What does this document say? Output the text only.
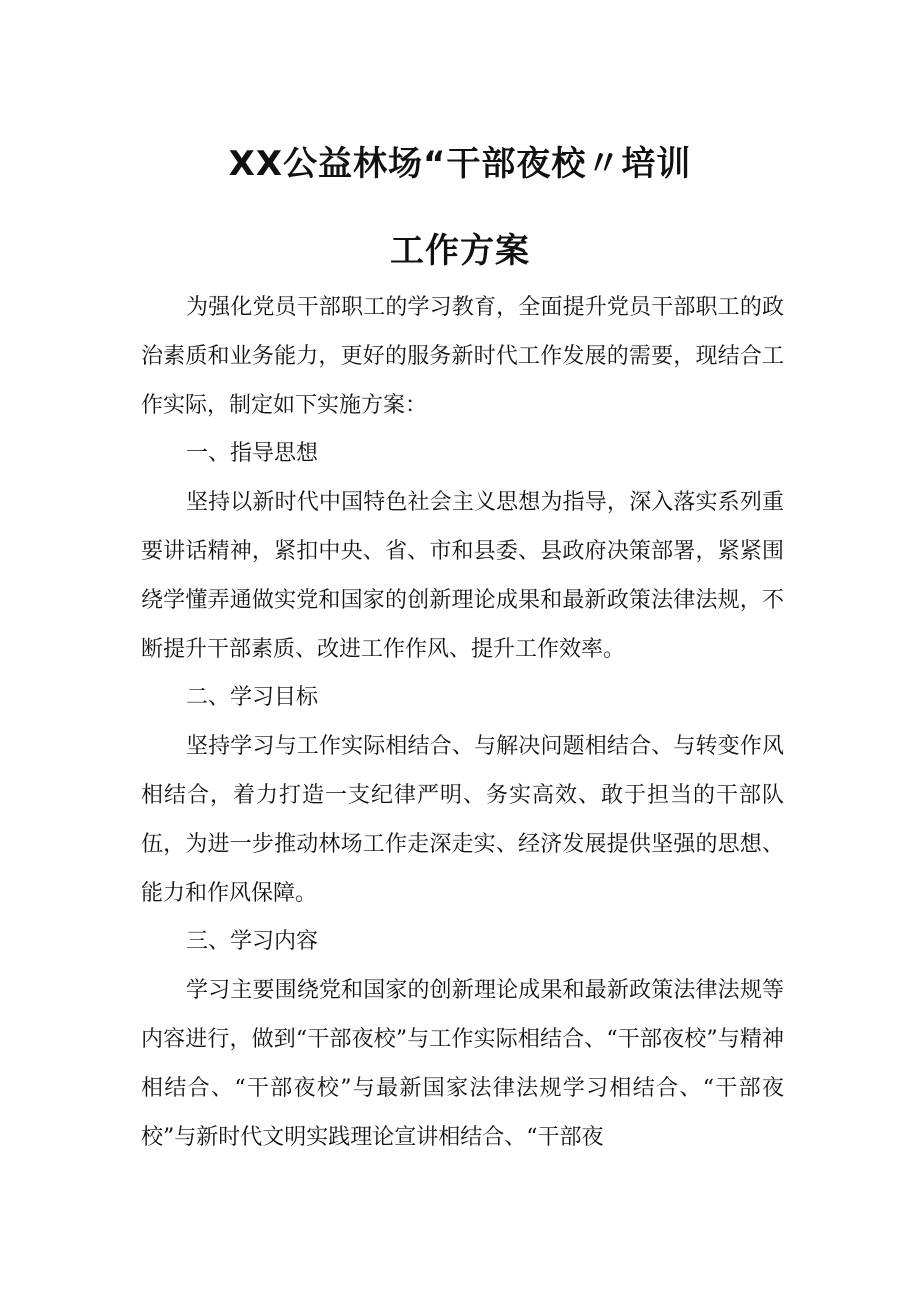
XX公益林场“干部夜校〃培训
工作方案

为强化党员干部职工的学习教育，全面提升党员干部职工的政治素质和业务能力，更好的服务新时代工作发展的需要，现结合工作实际，制定如下实施方案：

一、指导思想

坚持以新时代中国特色社会主义思想为指导，深入落实系列重要讲话精神，紧扣中央、省、市和县委、县政府决策部署，紧紧围绕学懂弄通做实党和国家的创新理论成果和最新政策法律法规，不断提升干部素质、改进工作作风、提升工作效率。

二、学习目标

坚持学习与工作实际相结合、与解决问题相结合、与转变作风相结合，着力打造一支纪律严明、务实高效、敢于担当的干部队伍，为进一步推动林场工作走深走实、经济发展提供坚强的思想、能力和作风保障。

三、学习内容

学习主要围绕党和国家的创新理论成果和最新政策法律法规等内容进行，做到“干部夜校”与工作实际相结合、“干部夜校”与精神相结合、“干部夜校”与最新国家法律法规学习相结合、“干部夜校”与新时代文明实践理论宣讲相结合、“干部夜
